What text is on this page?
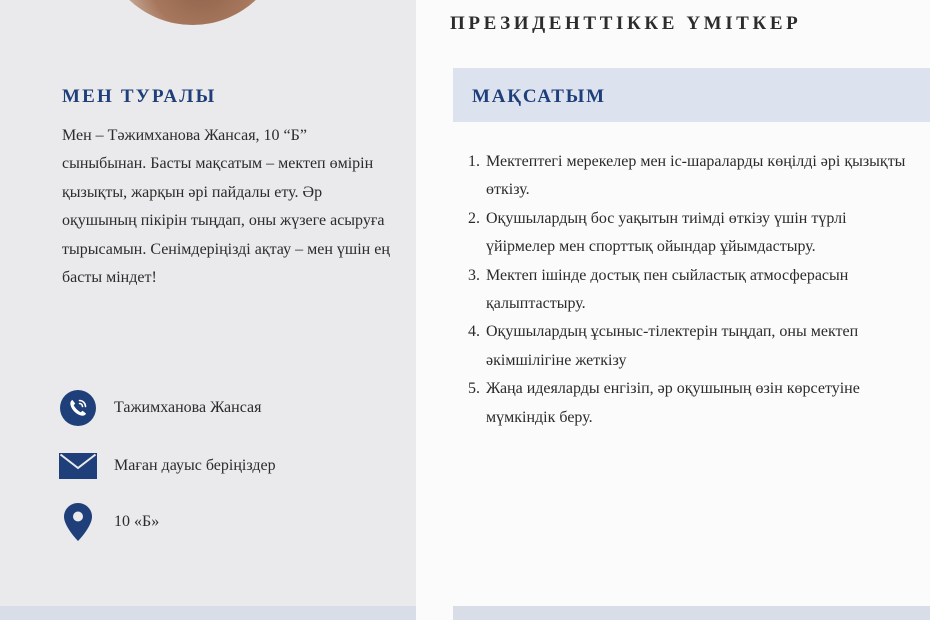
МЕН ТУРАЛЫ

Мен – Тәжимханова Жансая, 10 “Б” сыныбынан. Басты мақсатым – мектеп өмірін қызықты, жарқын әрі пайдалы ету. Әр оқушының пікірін тыңдап, оны жүзеге асыруға тырысамын. Сенімдеріңізді ақтау – мен үшін ең басты міндет!

Тажимханова Жансая
Маған дауыс беріңіздер
10 «Б»
ПРЕЗИДЕНТТІККЕ ҮМІТКЕР
МАҚСАТЫМ
1. Мектептегі мерекелер мен іс-шараларды көңілді әрі қызықты өткізу.
2. Оқушылардың бос уақытын тиімді өткізу үшін түрлі үйірмелер мен спорттық ойындар ұйымдастыру.
3. Мектеп ішінде достық пен сыйластық атмосферасын қалыптастыру.
4. Оқушылардың ұсыныс-тілектерін тыңдап, оны мектеп әкімшілігіне жеткізу
5. Жаңа идеяларды енгізіп, әр оқушының өзін көрсетуіне мүмкіндік беру.
